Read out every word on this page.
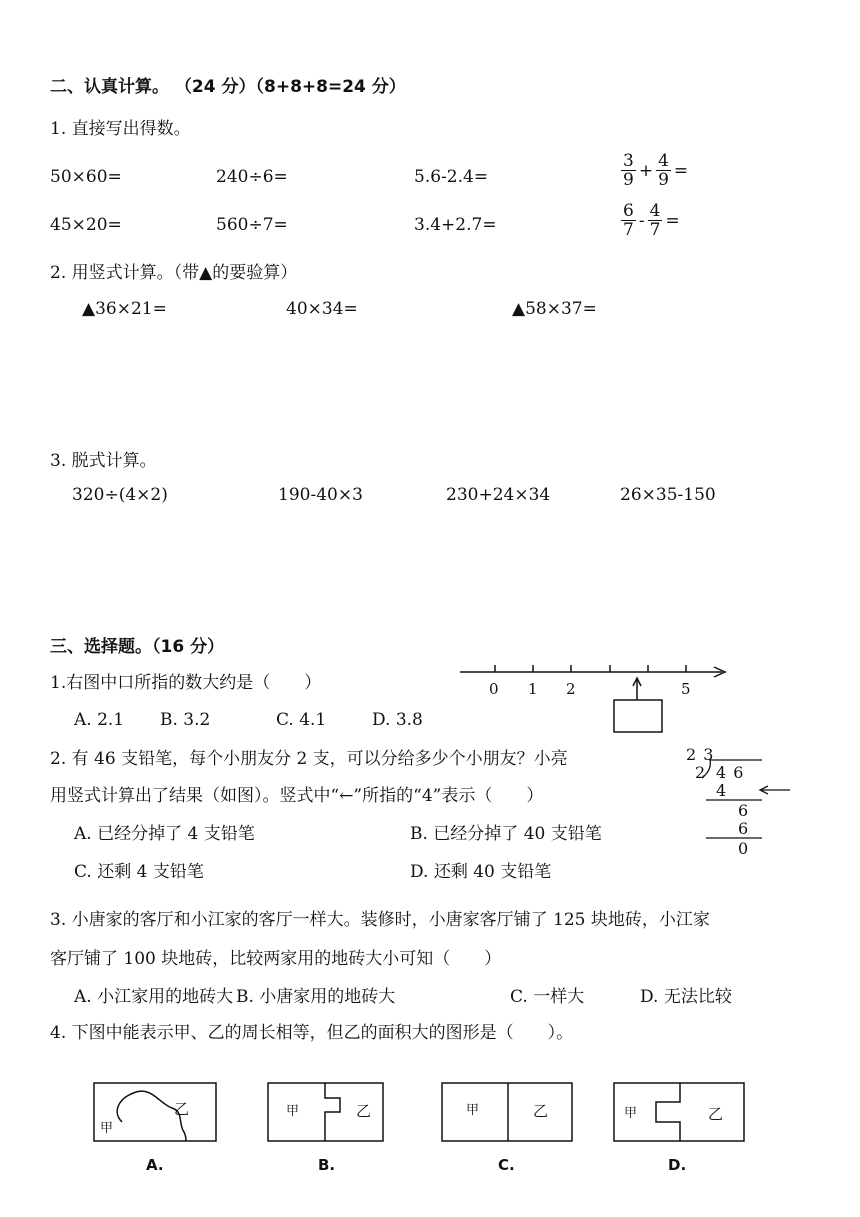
二、认真计算。 （24 分）（8+8+8=24 分）
1. 直接写出得数。
50×60=	240÷6=	5.6-2.4=	$\frac{3}{9} + \frac{4}{9}$ =
45×20=	560÷7=	3.4+2.7=	$\frac{6}{7} - \frac{4}{7}$ =
2. 用竖式计算。（带▲的要验算）
▲36×21=	40×34=	▲58×37=
3. 脱式计算。
320÷(4×2)	190-40×3	230+24×34	26×35-150
三、选择题。（16 分）
1.右图中口所指的数大约是（　　）
A. 2.1 B. 3.2	C. 4.1	D. 3.8
2 3
2 4 6
4
6
6
0
0 1 2	5
2. 有 46 支铅笔，每个小朋友分 2 支，可以分给多少个小朋友？小亮
用竖式计算出了结果（如图）。竖式中“←”所指的“4”表示（　　）
A. 已经分掉了 4 支铅笔	B. 已经分掉了 40 支铅笔
C. 还剩 4 支铅笔	D. 还剩 40 支铅笔
3. 小唐家的客厅和小江家的客厅一样大。装修时，小唐家客厅铺了 125 块地砖，小江家
客厅铺了 100 块地砖，比较两家用的地砖大小可知（　　）
A. 小江家用的地砖大 B. 小唐家用的地砖大	C. 一样大	D. 无法比较
4. 下图中能表示甲、乙的周长相等，但乙的面积大的图形是（　　）。
甲
乙
A.
甲	乙
B.
甲	乙
C.
甲	乙
D.
